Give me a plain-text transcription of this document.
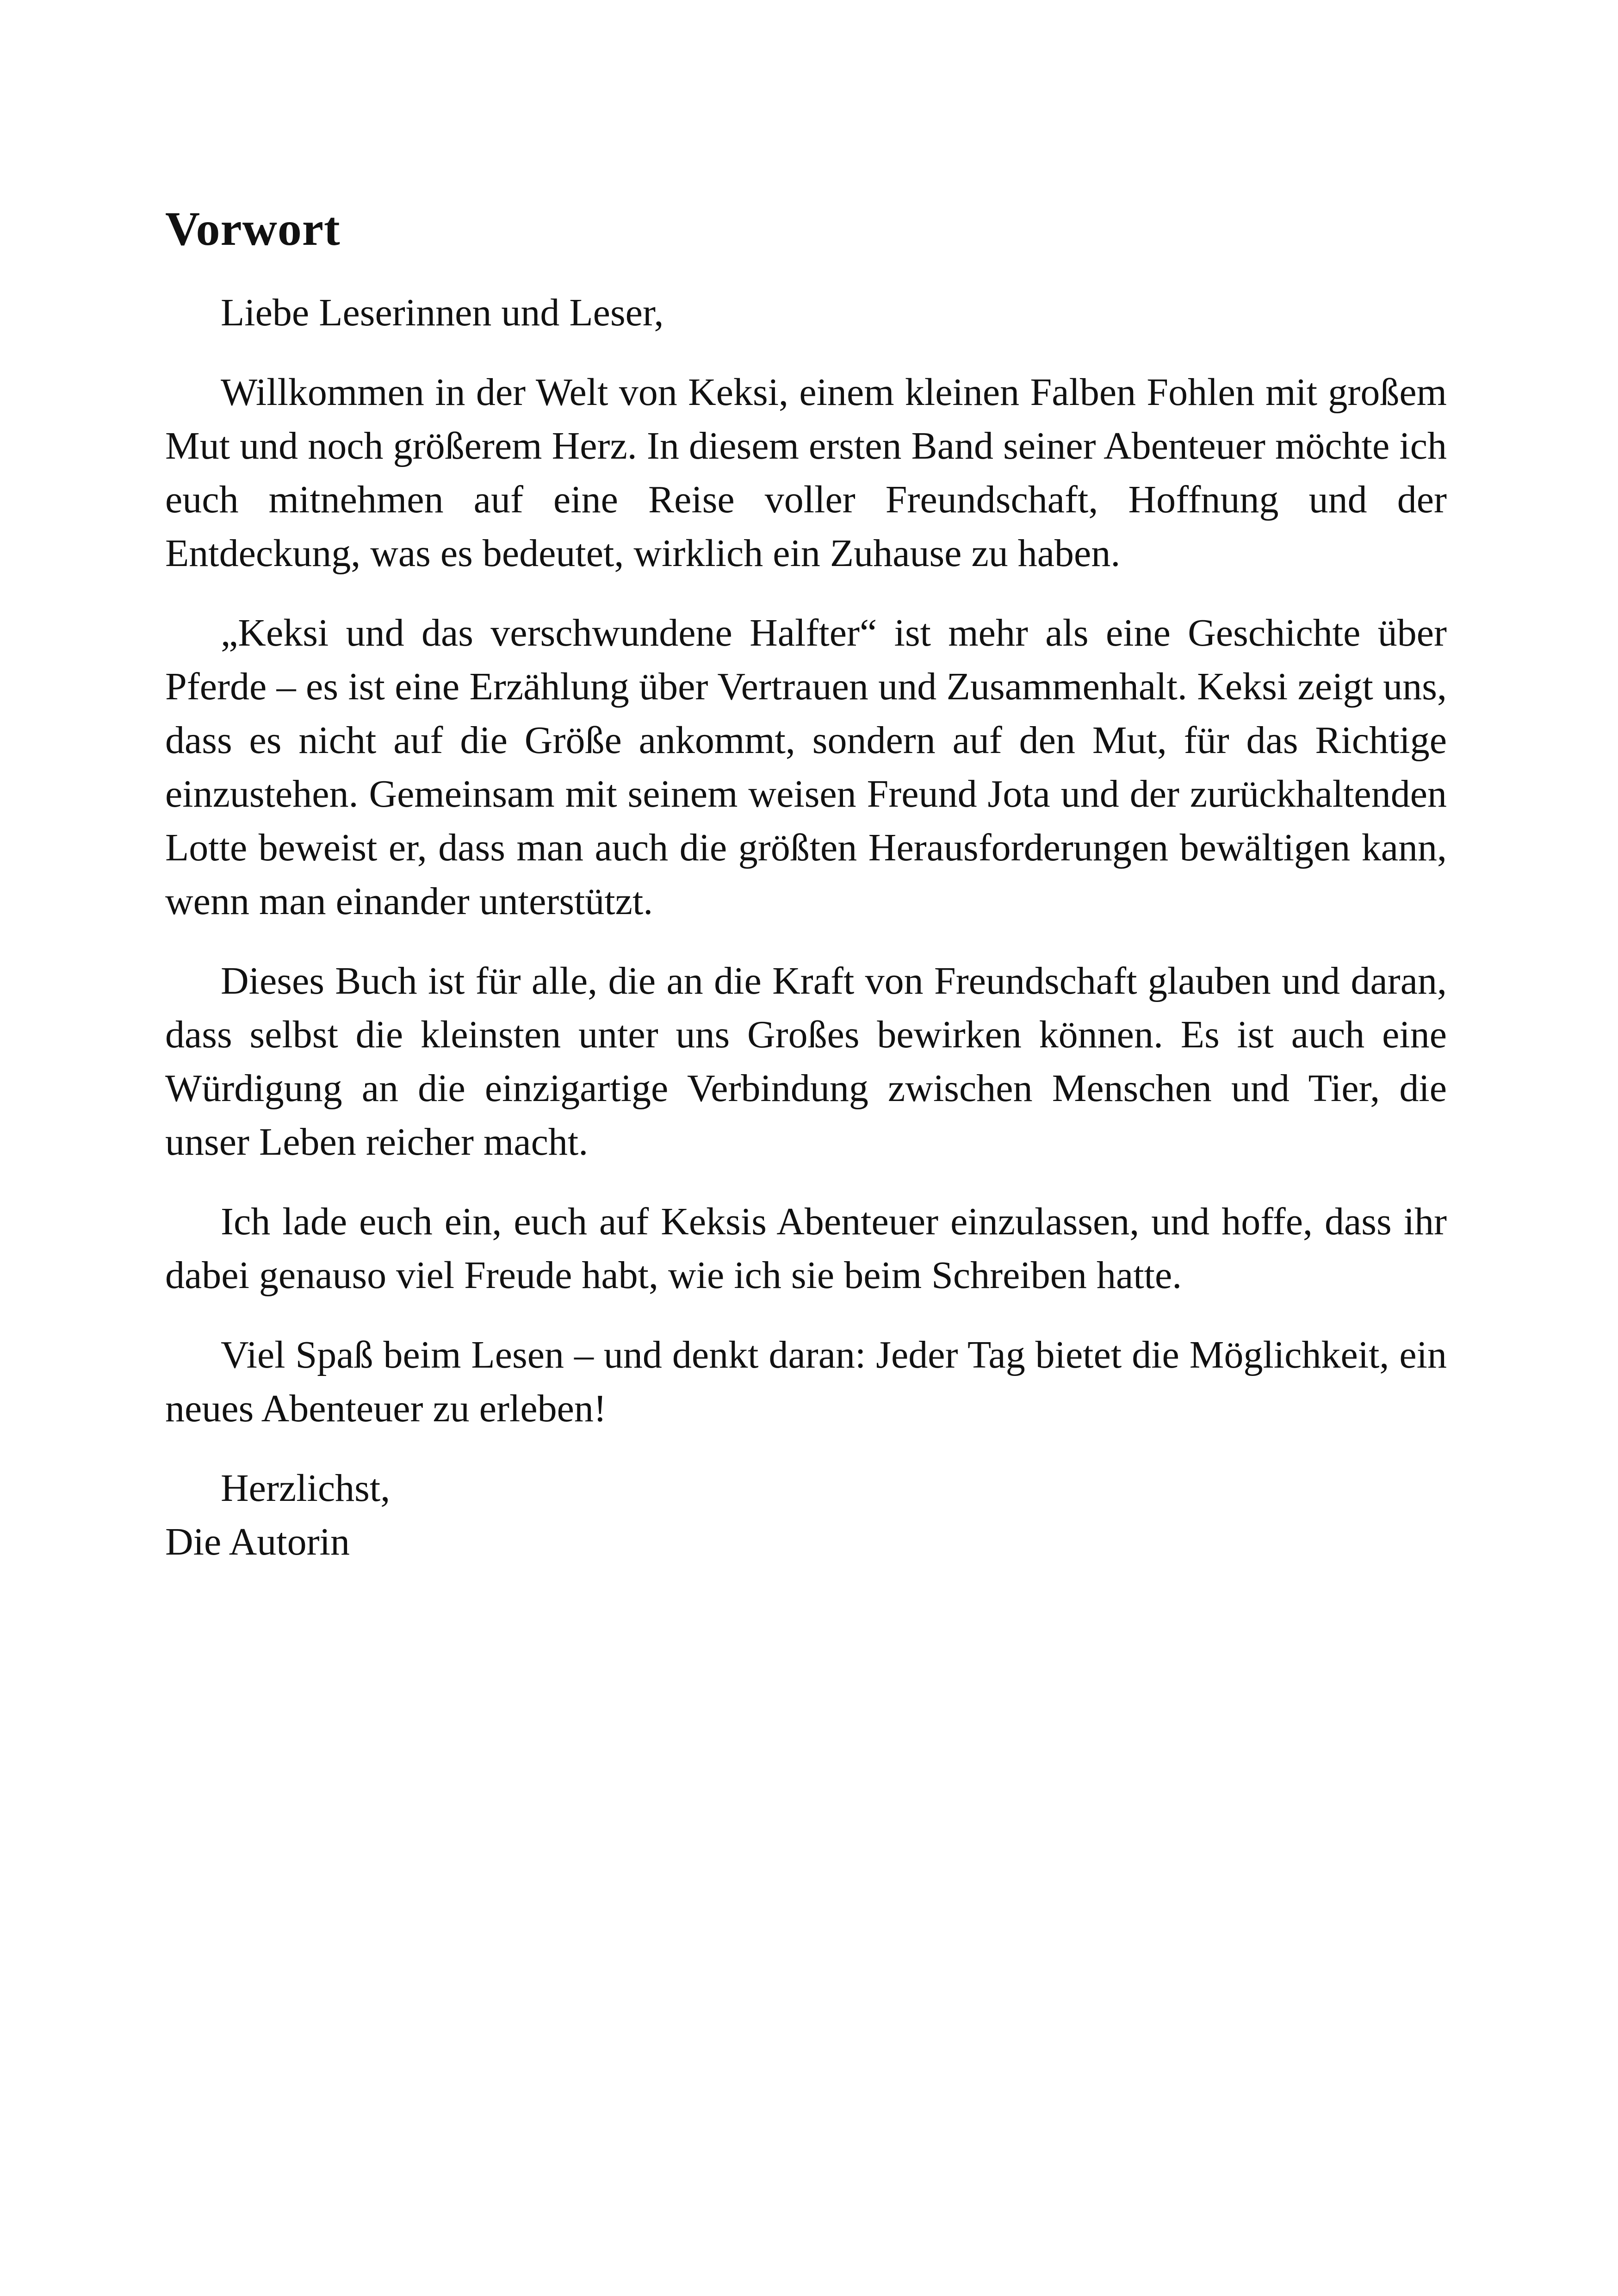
Vorwort

Liebe Leserinnen und Leser,

Willkommen in der Welt von Keksi, einem kleinen Falben Fohlen mit großem Mut und noch größerem Herz. In diesem ersten Band seiner Abenteuer möchte ich euch mitnehmen auf eine Reise voller Freundschaft, Hoffnung und der Entdeckung, was es bedeutet, wirklich ein Zuhause zu haben.

„Keksi und das verschwundene Halfter“ ist mehr als eine Geschichte über Pferde – es ist eine Erzählung über Vertrauen und Zusammenhalt. Keksi zeigt uns, dass es nicht auf die Größe ankommt, sondern auf den Mut, für das Richtige einzustehen. Gemeinsam mit seinem weisen Freund Jota und der zurückhaltenden Lotte beweist er, dass man auch die größten Herausforderungen bewältigen kann, wenn man einander unterstützt.

Dieses Buch ist für alle, die an die Kraft von Freundschaft glauben und daran, dass selbst die kleinsten unter uns Großes bewirken können. Es ist auch eine Würdigung an die einzigartige Verbindung zwischen Menschen und Tier, die unser Leben reicher macht.

Ich lade euch ein, euch auf Keksis Abenteuer einzulassen, und hoffe, dass ihr dabei genauso viel Freude habt, wie ich sie beim Schreiben hatte.

Viel Spaß beim Lesen – und denkt daran: Jeder Tag bietet die Möglichkeit, ein neues Abenteuer zu erleben!

Herzlichst,

Die Autorin
